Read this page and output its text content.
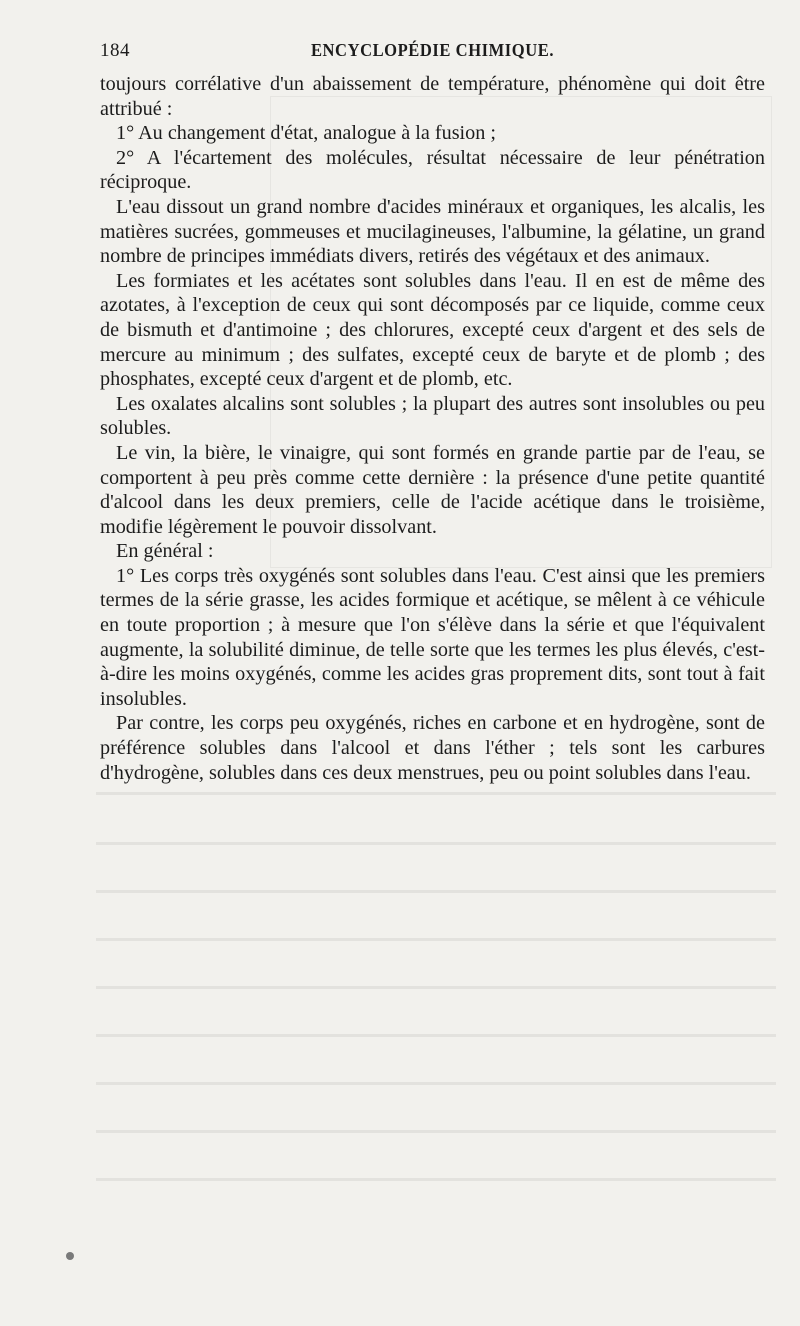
184	ENCYCLOPÉDIE CHIMIQUE.

toujours corrélative d'un abaissement de température, phénomène qui doit être attribué :

1° Au changement d'état, analogue à la fusion ;

2° A l'écartement des molécules, résultat nécessaire de leur pénétration réciproque.

L'eau dissout un grand nombre d'acides minéraux et organiques, les alcalis, les matières sucrées, gommeuses et mucilagineuses, l'albumine, la gélatine, un grand nombre de principes immédiats divers, retirés des végétaux et des animaux.

Les formiates et les acétates sont solubles dans l'eau. Il en est de même des azotates, à l'exception de ceux qui sont décomposés par ce liquide, comme ceux de bismuth et d'antimoine ; des chlorures, excepté ceux d'argent et des sels de mercure au minimum ; des sulfates, excepté ceux de baryte et de plomb ; des phosphates, excepté ceux d'argent et de plomb, etc.

Les oxalates alcalins sont solubles ; la plupart des autres sont insolubles ou peu solubles.

Le vin, la bière, le vinaigre, qui sont formés en grande partie par de l'eau, se comportent à peu près comme cette dernière : la présence d'une petite quantité d'alcool dans les deux premiers, celle de l'acide acétique dans le troisième, modifie légèrement le pouvoir dissolvant.

En général :

1° Les corps très oxygénés sont solubles dans l'eau. C'est ainsi que les premiers termes de la série grasse, les acides formique et acétique, se mêlent à ce véhicule en toute proportion ; à mesure que l'on s'élève dans la série et que l'équivalent augmente, la solubilité diminue, de telle sorte que les termes les plus élevés, c'est-à-dire les moins oxygénés, comme les acides gras proprement dits, sont tout à fait insolubles.

Par contre, les corps peu oxygénés, riches en carbone et en hydrogène, sont de préférence solubles dans l'alcool et dans l'éther ; tels sont les carbures d'hydrogène, solubles dans ces deux menstrues, peu ou point solubles dans l'eau.
